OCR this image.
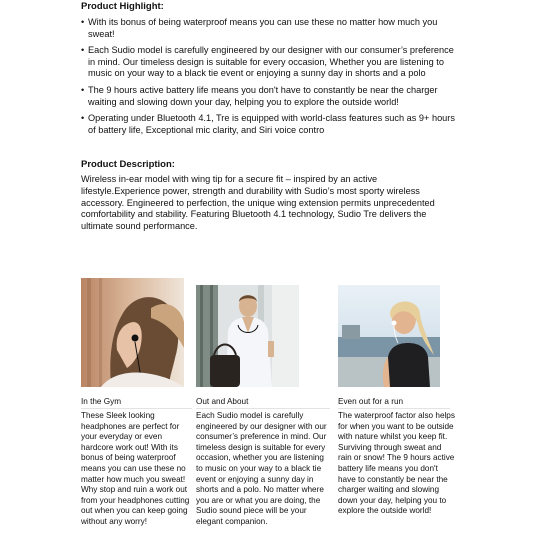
Product Highlight:
• With its bonus of being waterproof means you can use these no matter how much you sweat!
• Each Sudio model is carefully engineered by our designer with our consumer’s preference in mind. Our timeless design is suitable for every occasion, Whether you are listening to music on your way to a black tie event or enjoying a sunny day in shorts and a polo
• The 9 hours active battery life means you don't have to constantly be near the charger waiting and slowing down your day, helping you to explore the outside world!
• Operating under Bluetooth 4.1, Tre is equipped with world-class features such as 9+ hours of battery life, Exceptional mic clarity, and Siri voice contro
Product Description:
Wireless in-ear model with wing tip for a secure fit – inspired by an active lifestyle.Experience power, strength and durability with Sudio’s most sporty wireless accessory. Engineered to perfection, the unique wing extension permits unprecedented comfortability and stability. Featuring Bluetooth 4.1 technology, Sudio Tre delivers the ultimate sound performance.
In the Gym
These Sleek looking headphones are perfect for your everyday or even hardcore work out! With its bonus of being waterproof means you can use these no matter how much you sweat! Why stop and ruin a work out from your headphones cutting out when you can keep going without any worry!
Out and About
Each Sudio model is carefully engineered by our designer with our consumer’s preference in mind. Our timeless design is suitable for every occasion, whether you are listening to music on your way to a black tie event or enjoying a sunny day in shorts and a polo. No matter where you are or what you are doing, the Sudio sound piece will be your elegant companion.
Even out for a run
The waterproof factor also helps for when you want to be outside with nature whilst you keep fit. Surviving through sweat and rain or snow! The 9 hours active battery life means you don't have to constantly be near the charger waiting and slowing down your day, helping you to explore the outside world!
